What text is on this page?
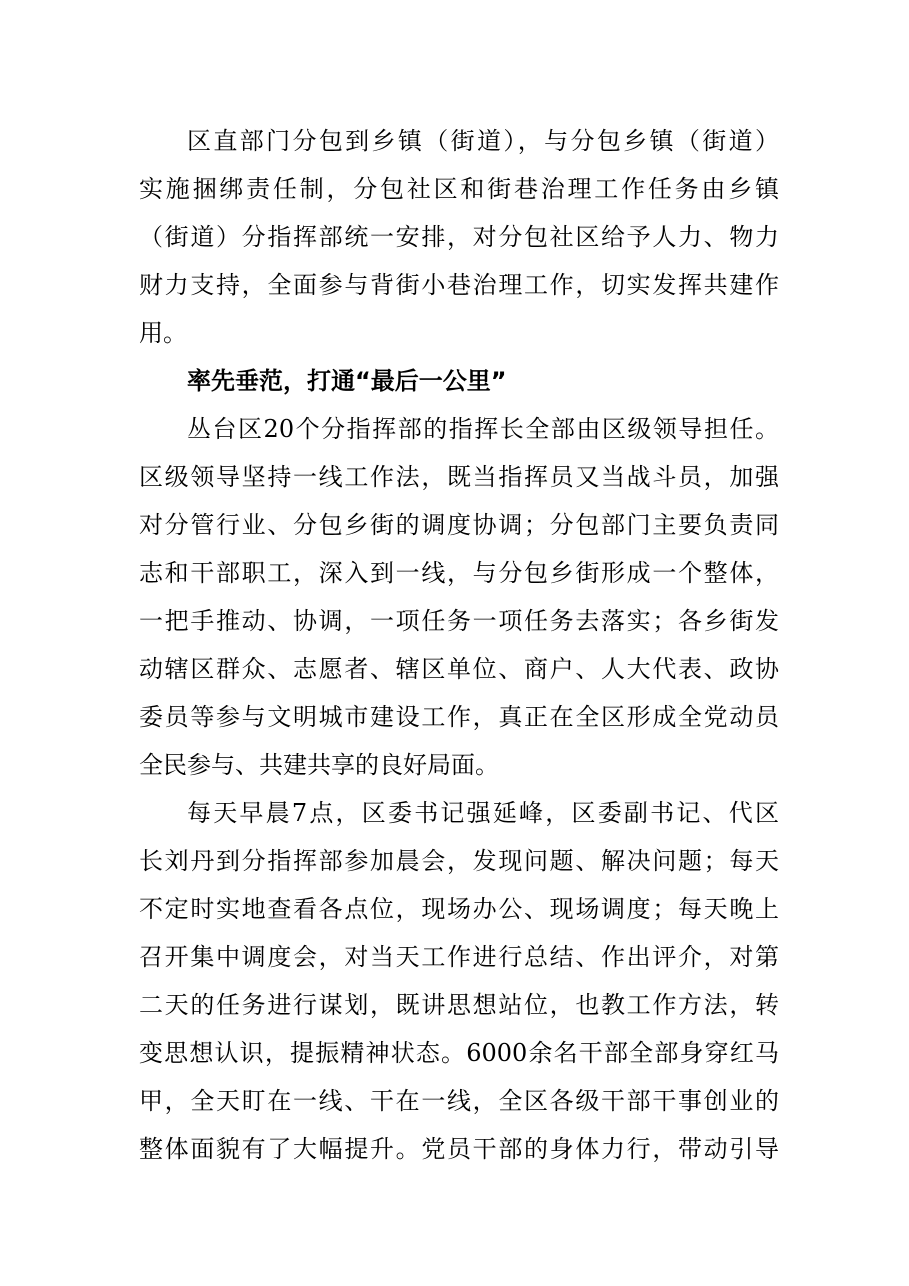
区直部门分包到乡镇（街道），与分包乡镇（街道）
实施捆绑责任制，分包社区和街巷治理工作任务由乡镇
（街道）分指挥部统一安排，对分包社区给予人力、物力
财力支持，全面参与背街小巷治理工作，切实发挥共建作
用。
率先垂范，打通“最后一公里”
丛台区20个分指挥部的指挥长全部由区级领导担任。
区级领导坚持一线工作法，既当指挥员又当战斗员，加强
对分管行业、分包乡街的调度协调；分包部门主要负责同
志和干部职工，深入到一线，与分包乡街形成一个整体，
一把手推动、协调，一项任务一项任务去落实；各乡街发
动辖区群众、志愿者、辖区单位、商户、人大代表、政协
委员等参与文明城市建设工作，真正在全区形成全党动员
全民参与、共建共享的良好局面。
每天早晨7点，区委书记强延峰，区委副书记、代区
长刘丹到分指挥部参加晨会，发现问题、解决问题；每天
不定时实地查看各点位，现场办公、现场调度；每天晚上
召开集中调度会，对当天工作进行总结、作出评介，对第
二天的任务进行谋划，既讲思想站位，也教工作方法，转
变思想认识，提振精神状态。6000余名干部全部身穿红马
甲，全天盯在一线、干在一线，全区各级干部干事创业的
整体面貌有了大幅提升。党员干部的身体力行，带动引导
